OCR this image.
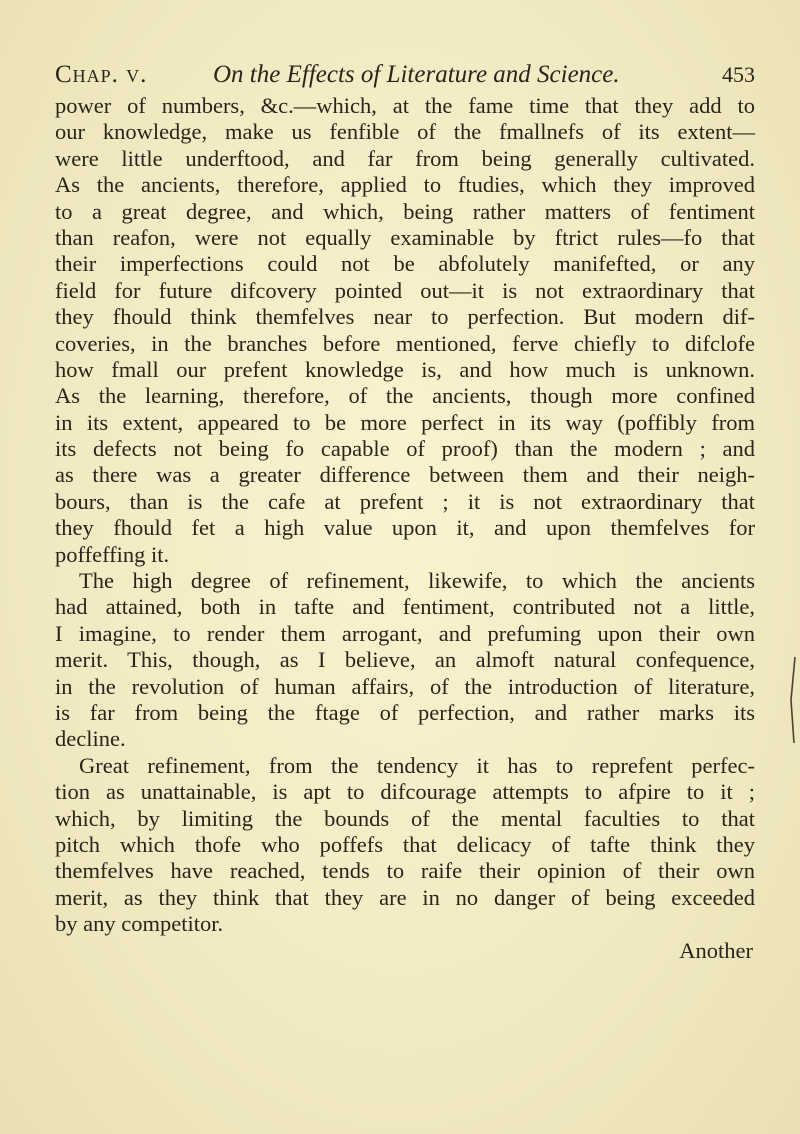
Chap. v.	On the Effects of Literature and Science.	453
power of numbers, &c.—which, at the fame time that they add to
our knowledge, make us fenfible of the fmallnefs of its extent—
were little underftood, and far from being generally cultivated.
As the ancients, therefore, applied to ftudies, which they improved
to a great degree, and which, being rather matters of fentiment
than reafon, were not equally examinable by ftrict rules—fo that
their imperfections could not be abfolutely manifefted, or any
field for future difcovery pointed out—it is not extraordinary that
they fhould think themfelves near to perfection. But modern dif-
coveries, in the branches before mentioned, ferve chiefly to difclofe
how fmall our prefent knowledge is, and how much is unknown.
As the learning, therefore, of the ancients, though more confined
in its extent, appeared to be more perfect in its way (poffibly from
its defects not being fo capable of proof) than the modern ; and
as there was a greater difference between them and their neigh-
bours, than is the cafe at prefent ; it is not extraordinary that
they fhould fet a high value upon it, and upon themfelves for
poffeffing it.
The high degree of refinement, likewife, to which the ancients
had attained, both in tafte and fentiment, contributed not a little,
I imagine, to render them arrogant, and prefuming upon their own
merit. This, though, as I believe, an almoft natural confequence,
in the revolution of human affairs, of the introduction of literature,
is far from being the ftage of perfection, and rather marks its
decline.
Great refinement, from the tendency it has to reprefent perfec-
tion as unattainable, is apt to difcourage attempts to afpire to it ;
which, by limiting the bounds of the mental faculties to that
pitch which thofe who poffefs that delicacy of tafte think they
themfelves have reached, tends to raife their opinion of their own
merit, as they think that they are in no danger of being exceeded
by any competitor.
Another
